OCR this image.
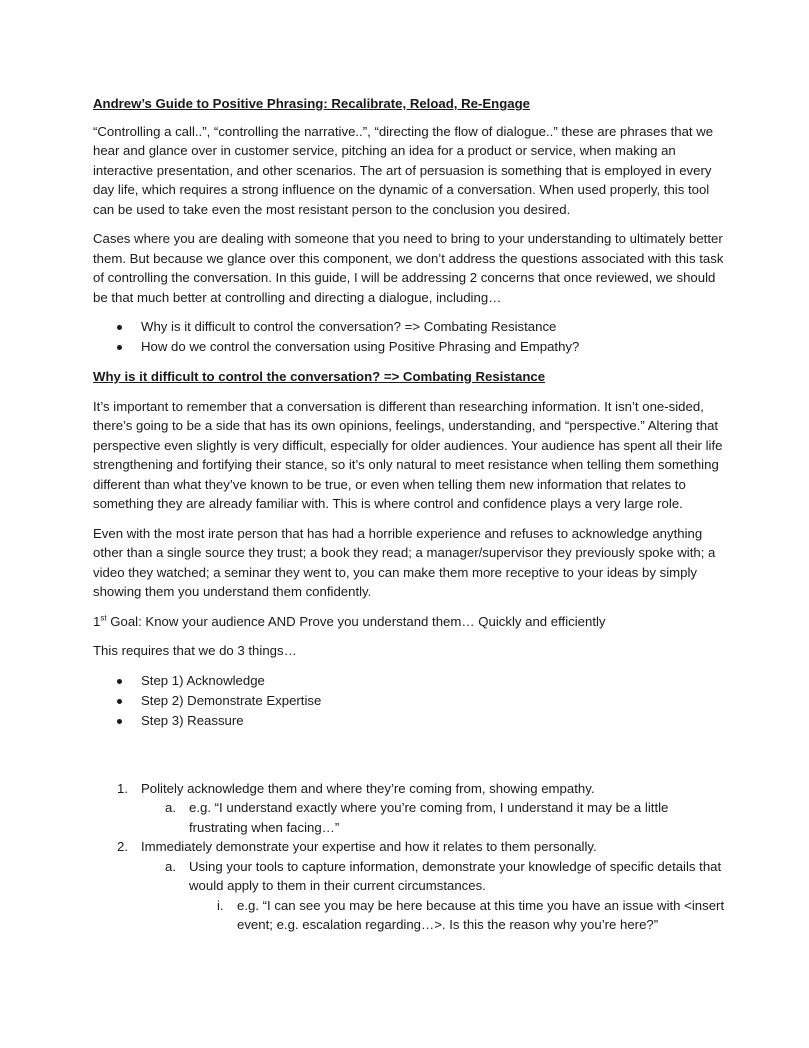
Andrew’s Guide to Positive Phrasing: Recalibrate, Reload, Re-Engage

“Controlling a call..”, “controlling the narrative..”, “directing the flow of dialogue..” these are phrases that we hear and glance over in customer service, pitching an idea for a product or service, when making an interactive presentation, and other scenarios. The art of persuasion is something that is employed in every day life, which requires a strong influence on the dynamic of a conversation. When used properly, this tool can be used to take even the most resistant person to the conclusion you desired.

Cases where you are dealing with someone that you need to bring to your understanding to ultimately better them. But because we glance over this component, we don’t address the questions associated with this task of controlling the conversation. In this guide, I will be addressing 2 concerns that once reviewed, we should be that much better at controlling and directing a dialogue, including…

Why is it difficult to control the conversation? => Combating Resistance
How do we control the conversation using Positive Phrasing and Empathy?
Why is it difficult to control the conversation? => Combating Resistance

It’s important to remember that a conversation is different than researching information. It isn’t one-sided, there’s going to be a side that has its own opinions, feelings, understanding, and “perspective.” Altering that perspective even slightly is very difficult, especially for older audiences. Your audience has spent all their life strengthening and fortifying their stance, so it’s only natural to meet resistance when telling them something different than what they’ve known to be true, or even when telling them new information that relates to something they are already familiar with. This is where control and confidence plays a very large role.

Even with the most irate person that has had a horrible experience and refuses to acknowledge anything other than a single source they trust; a book they read; a manager/supervisor they previously spoke with; a video they watched; a seminar they went to, you can make them more receptive to your ideas by simply showing them you understand them confidently.

1st Goal: Know your audience AND Prove you understand them… Quickly and efficiently

This requires that we do 3 things…

Step 1) Acknowledge
Step 2) Demonstrate Expertise
Step 3) Reassure
1. Politely acknowledge them and where they’re coming from, showing empathy.
a. e.g. “I understand exactly where you’re coming from, I understand it may be a little frustrating when facing…”
2. Immediately demonstrate your expertise and how it relates to them personally.
a. Using your tools to capture information, demonstrate your knowledge of specific details that would apply to them in their current circumstances.
i. e.g. “I can see you may be here because at this time you have an issue with <insert event; e.g. escalation regarding…>. Is this the reason why you’re here?”
